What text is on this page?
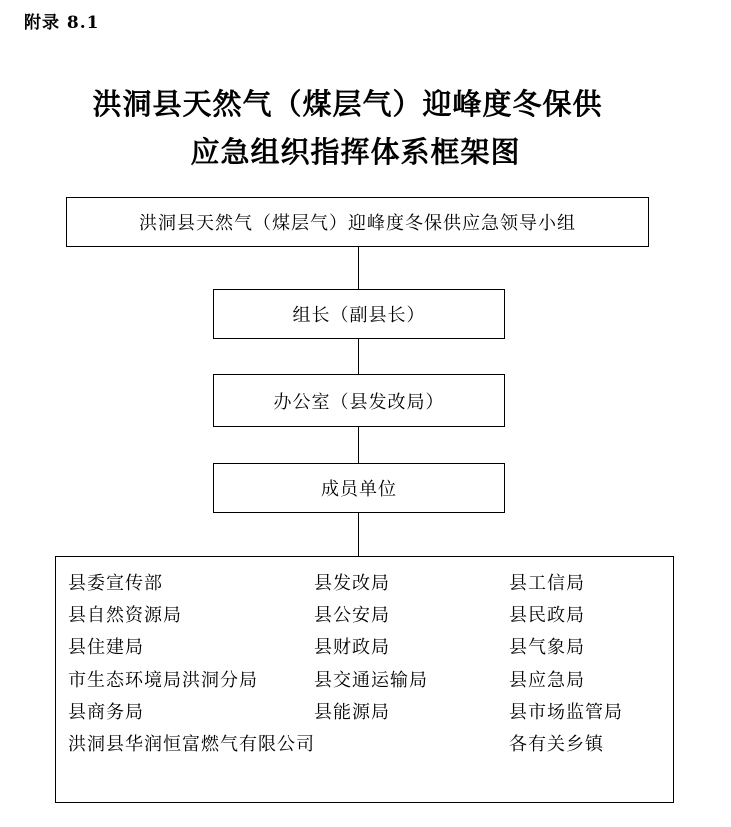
附录 8.1
洪洞县天然气（煤层气）迎峰度冬保供
应急组织指挥体系框架图
洪洞县天然气（煤层气）迎峰度冬保供应急领导小组
组长（副县长）
办公室（县发改局）
成员单位
县委宣传部
县自然资源局
县住建局
市生态环境局洪洞分局
县商务局
洪洞县华润恒富燃气有限公司
县发改局
县公安局
县财政局
县交通运输局
县能源局
县工信局
县民政局
县气象局
县应急局
县市场监管局
各有关乡镇
